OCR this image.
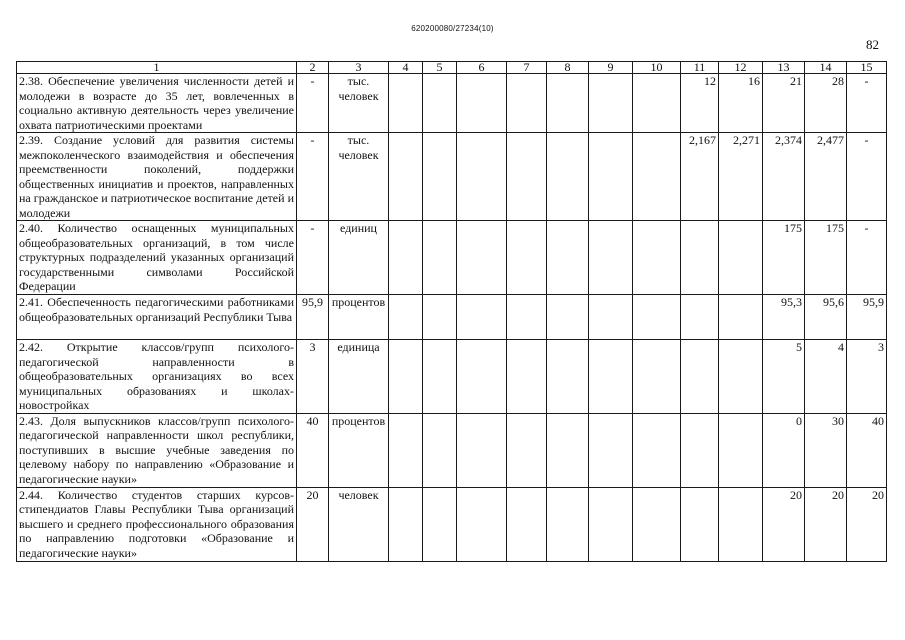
620200080/27234(10)
82
1	2	3	4	5	6	7	8	9	10	11	12	13	14	15
2.38. Обеспечение увеличения численности детей и молодежи в возрасте до 35 лет, вовлеченных в социально активную деятельность через увеличение охвата патриотическими проектами	-	тыс. человек								12	16	21	28	-
2.39. Создание условий для развития системы межпоколенческого взаимодействия и обеспечения преемственности поколений, поддержки общественных инициатив и проектов, направленных на гражданское и патриотическое воспитание детей и молодежи	-	тыс. человек								2,167	2,271	2,374	2,477	-
2.40. Количество оснащенных муниципальных общеобразовательных организаций, в том числе структурных подразделений указанных организаций государственными символами Российской Федерации	-	единиц										175	175	-
2.41. Обеспеченность педагогическими работниками общеобразовательных организаций Республики Тыва	95,9	процентов										95,3	95,6	95,9
2.42. Открытие классов/групп психолого-педагогической направленности в общеобразовательных организациях во всех муниципальных образованиях и школах-новостройках	3	единица										5	4	3
2.43. Доля выпускников классов/групп психолого-педагогической направленности школ республики, поступивших в высшие учебные заведения по целевому набору по направлению «Образование и педагогические науки»	40	процентов										0	30	40
2.44. Количество студентов старших курсов-стипендиатов Главы Республики Тыва организаций высшего и среднего профессионального образования по направлению подготовки «Образование и педагогические науки»	20	человек										20	20	20
